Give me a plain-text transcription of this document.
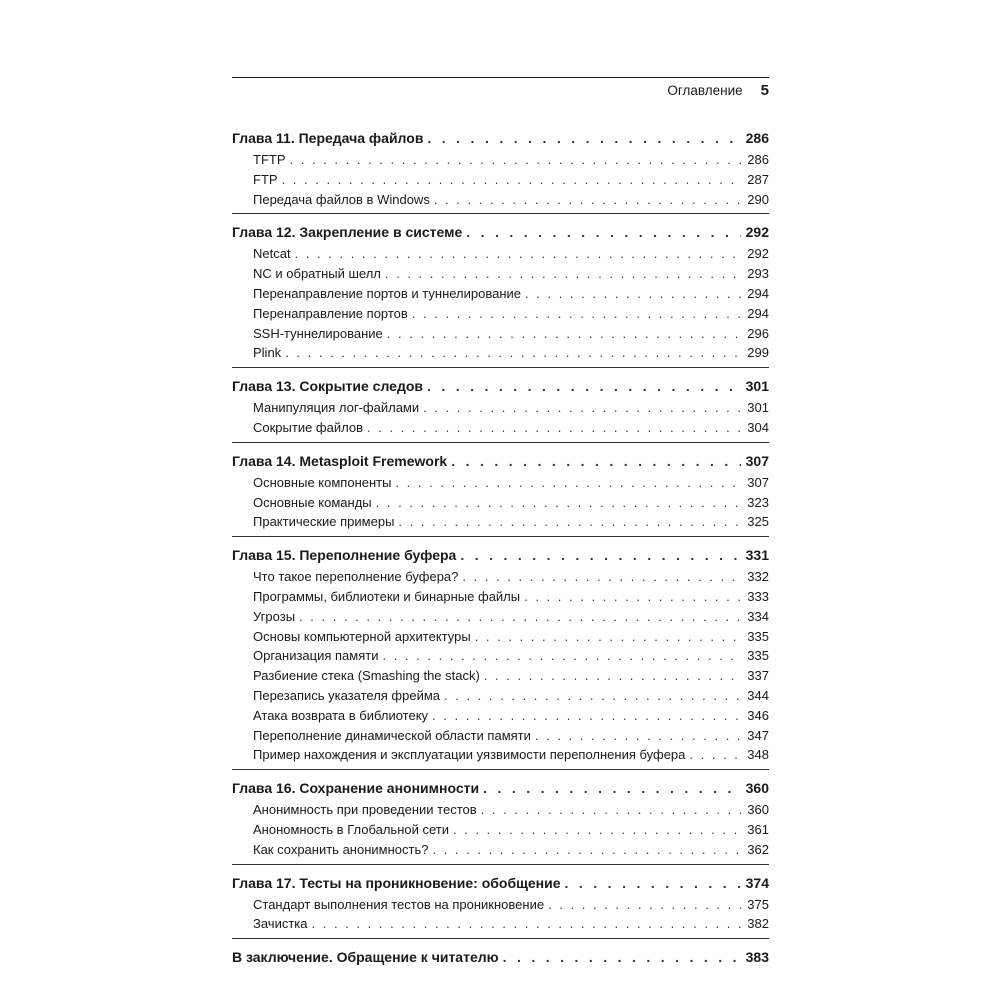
Оглавление 5
Глава 11. Передача файлов . . .	286
TFTP . . .	286
FTP . . .	287
Передача файлов в Windows . . .	290
Глава 12. Закрепление в системе . . .	292
Netcat . . .	292
NC и обратный шелл . . .	293
Перенаправление портов и туннелирование . . .	294
Перенаправление портов . . .	294
SSH-туннелирование . . .	296
Plink . . .	299
Глава 13. Сокрытие следов . . .	301
Манипуляция лог-файлами . . .	301
Сокрытие файлов . . .	304
Глава 14. Metasploit Fremework . . .	307
Основные компоненты . . .	307
Основные команды . . .	323
Практические примеры . . .	325
Глава 15. Переполнение буфера . . .	331
Что такое переполнение буфера? . . .	332
Программы, библиотеки и бинарные файлы . . .	333
Угрозы . . .	334
Основы компьютерной архитектуры . . .	335
Организация памяти . . .	335
Разбиение стека (Smashing the stack) . . .	337
Перезапись указателя фрейма . . .	344
Атака возврата в библиотеку . . .	346
Переполнение динамической области памяти . . .	347
Пример нахождения и эксплуатации уязвимости переполнения буфера . . .	348
Глава 16. Сохранение анонимности . . .	360
Анонимность при проведении тестов . . .	360
Анономность в Глобальной сети . . .	361
Как сохранить анонимность? . . .	362
Глава 17. Тесты на проникновение: обобщение . . .	374
Стандарт выполнения тестов на проникновение . . .	375
Зачистка . . .	382
В заключение. Обращение к читателю . . .	383
